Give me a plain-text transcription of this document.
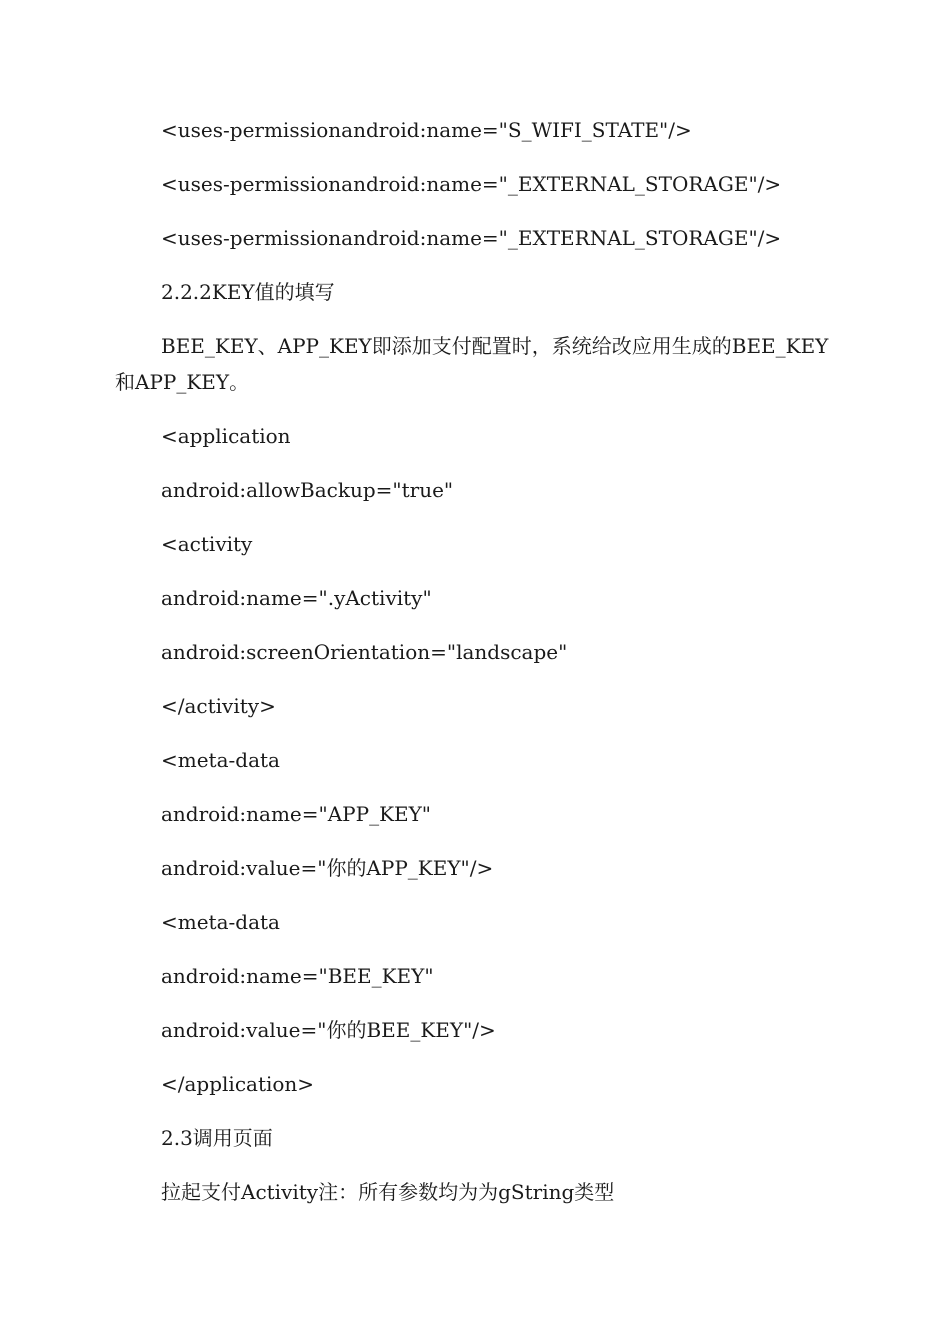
<uses-permissionandroid:name="S_WIFI_STATE"/>

<uses-permissionandroid:name="_EXTERNAL_STORAGE"/>

<uses-permissionandroid:name="_EXTERNAL_STORAGE"/>

2.2.2KEY值的填写

BEE_KEY、APP_KEY即添加支付配置时，系统给改应用生成的BEE_KEY和APP_KEY。

<application

android:allowBackup="true"

<activity

android:name=".yActivity"

android:screenOrientation="landscape"

</activity>

<meta-data

android:name="APP_KEY"

android:value="你的APP_KEY"/>

<meta-data

android:name="BEE_KEY"

android:value="你的BEE_KEY"/>

</application>

2.3调用页面

拉起支付Activity注：所有参数均为为gString类型
